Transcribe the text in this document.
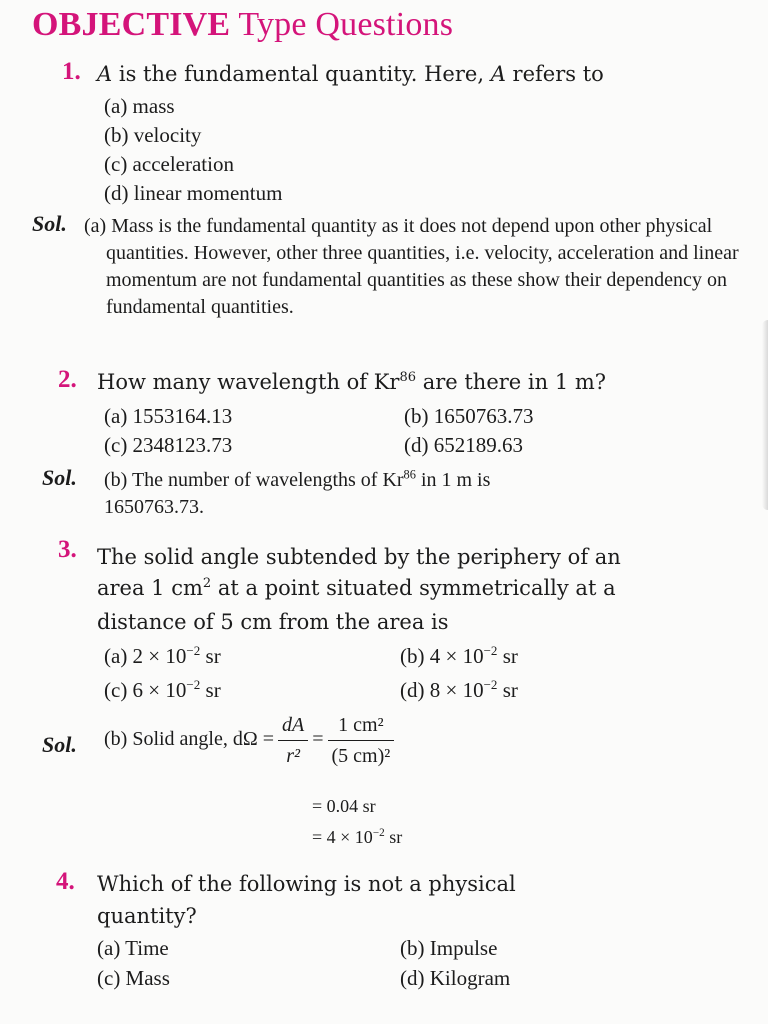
OBJECTIVE Type Questions
1. A is the fundamental quantity. Here, A refers to
(a) mass
(b) velocity
(c) acceleration
(d) linear momentum
Sol. (a) Mass is the fundamental quantity as it does not depend upon other physical quantities. However, other three quantities, i.e. velocity, acceleration and linear momentum are not fundamental quantities as these show their dependency on fundamental quantities.
2. How many wavelength of Kr$^{86}$ are there in 1 m?
(a) 1553164.13	(b) 1650763.73
(c) 2348123.73	(d) 652189.63
Sol. (b) The number of wavelengths of Kr$^{86}$ in 1 m is
1650763.73.
3. The solid angle subtended by the periphery of an
area 1 $cm^2$ at a point situated symmetrically at a
distance of 5 cm from the area is
(a) $2 \times 10^{-2}$ sr	(b) $4 \times 10^{-2}$ sr
(c) $6 \times 10^{-2}$ sr	(d) $8 \times 10^{-2}$ sr
Sol. (b) Solid angle, $d\Omega = \frac{dA}{\text{r²}} = \frac{\text{1 cm²}}{\text{(5 cm)²}}$
= 0.04 sr
= $4 \times 10^{-2}$ sr
4. Which of the following is not a physical
quantity?
(a) Time	(b) Impulse
(c) Mass	(d) Kilogram
